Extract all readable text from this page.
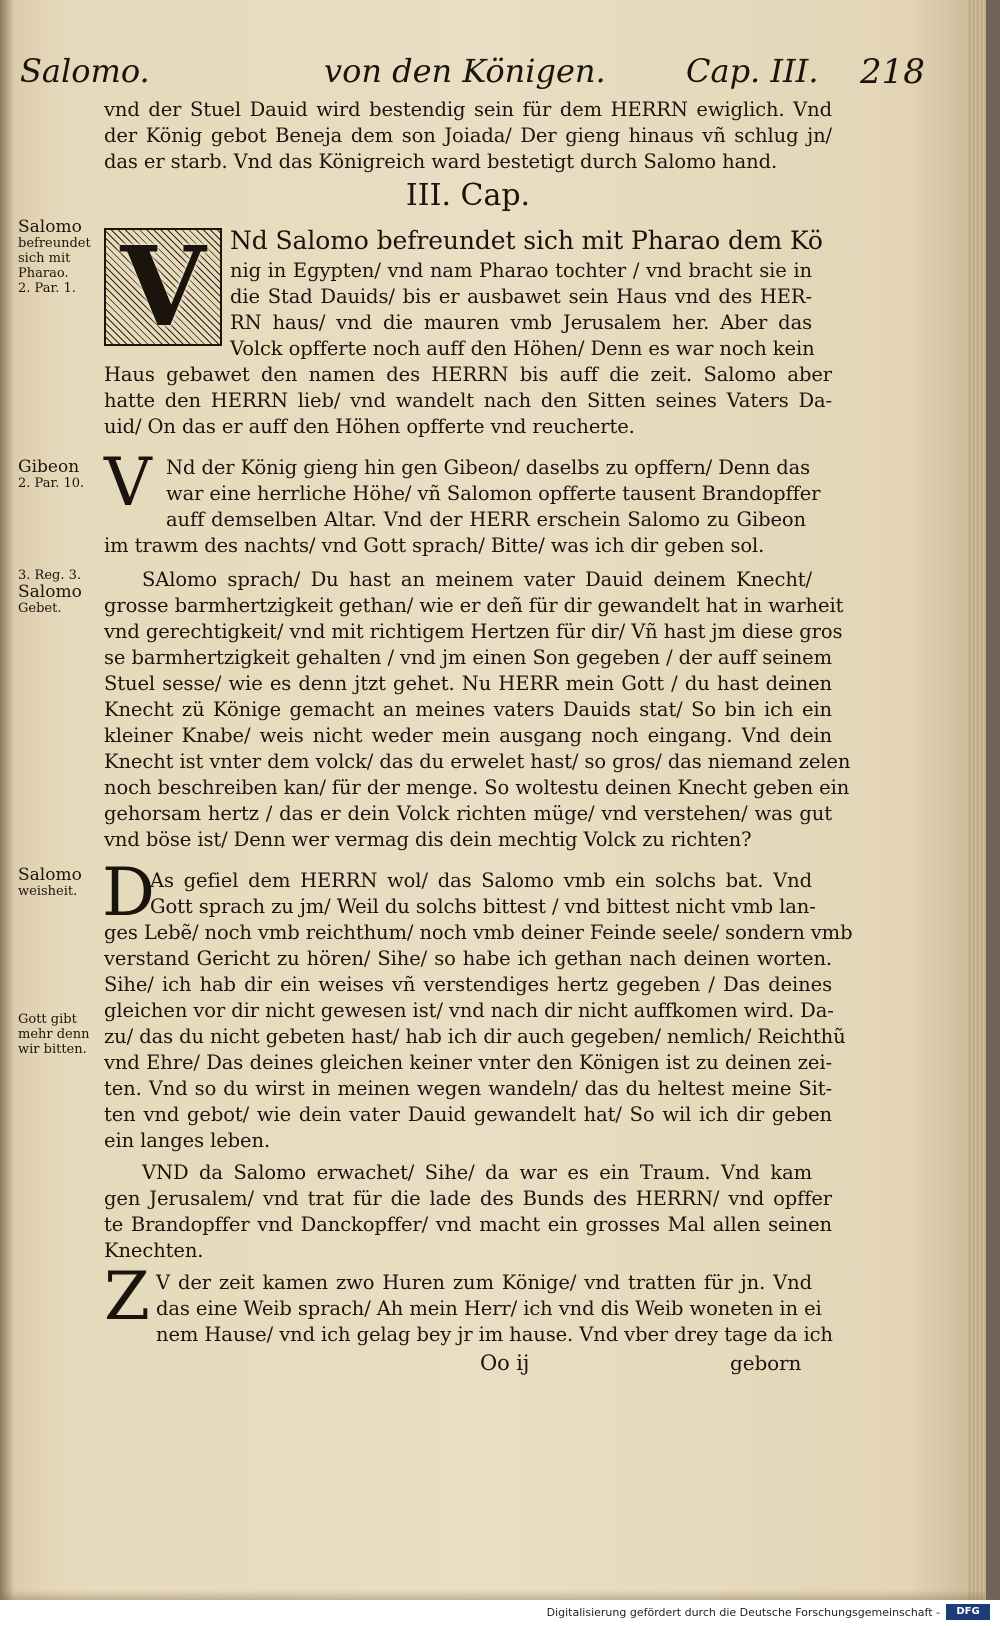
Salomo.	von den Königen.	Cap. III. 218
vnd der Stuel Dauid wird bestendig sein für dem HERRN ewiglich. Vnd
der König gebot Beneja dem son Joiada/ Der gieng hinaus vñ schlug jn/
das er starb. Vnd das Königreich ward bestetigt durch Salomo hand.
III. Cap.
V Nd Salomo befreundet sich mit Pharao dem Kö
nig in Egypten/ vnd nam Pharao tochter / vnd bracht sie in
die Stad Dauids/ bis er ausbawet sein Haus vnd des HER-
RN haus/ vnd die mauren vmb Jerusalem her. Aber das
Volck opfferte noch auff den Höhen/ Denn es war noch kein
Haus gebawet den namen des HERRN bis auff die zeit. Salomo aber
hatte den HERRN lieb/ vnd wandelt nach den Sitten seines Vaters Da-
uid/ On das er auff den Höhen opfferte vnd reucherte.
V Nd der König gieng hin gen Gibeon/ daselbs zu opffern/ Denn das
war eine herrliche Höhe/ vñ Salomon opfferte tausent Brandopffer
auff demselben Altar. Vnd der HERR erschein Salomo zu Gibeon
im trawm des nachts/ vnd Gott sprach/ Bitte/ was ich dir geben sol.
SAlomo sprach/ Du hast an meinem vater Dauid deinem Knecht/
grosse barmhertzigkeit gethan/ wie er deñ für dir gewandelt hat in warheit
vnd gerechtigkeit/ vnd mit richtigem Hertzen für dir/ Vñ hast jm diese gros
se barmhertzigkeit gehalten / vnd jm einen Son gegeben / der auff seinem
Stuel sesse/ wie es denn jtzt gehet. Nu HERR mein Gott / du hast deinen
Knecht zü Könige gemacht an meines vaters Dauids stat/ So bin ich ein
kleiner Knabe/ weis nicht weder mein ausgang noch eingang. Vnd dein
Knecht ist vnter dem volck/ das du erwelet hast/ so gros/ das niemand zelen
noch beschreiben kan/ für der menge. So woltestu deinen Knecht geben ein
gehorsam hertz / das er dein Volck richten müge/ vnd verstehen/ was gut
vnd böse ist/ Denn wer vermag dis dein mechtig Volck zu richten?
D
As gefiel dem HERRN wol/ das Salomo vmb ein solchs bat. Vnd
Gott sprach zu jm/ Weil du solchs bittest / vnd bittest nicht vmb lan-
ges Lebẽ/ noch vmb reichthum/ noch vmb deiner Feinde seele/ sondern vmb
verstand Gericht zu hören/ Sihe/ so habe ich gethan nach deinen worten.
Sihe/ ich hab dir ein weises vñ verstendiges hertz gegeben / Das deines
gleichen vor dir nicht gewesen ist/ vnd nach dir nicht auffkomen wird. Da-
zu/ das du nicht gebeten hast/ hab ich dir auch gegeben/ nemlich/ Reichthũ
vnd Ehre/ Das deines gleichen keiner vnter den Königen ist zu deinen zei-
ten. Vnd so du wirst in meinen wegen wandeln/ das du heltest meine Sit-
ten vnd gebot/ wie dein vater Dauid gewandelt hat/ So wil ich dir geben
ein langes leben.
VND da Salomo erwachet/ Sihe/ da war es ein Traum. Vnd kam
gen Jerusalem/ vnd trat für die lade des Bunds des HERRN/ vnd opffer
te Brandopffer vnd Danckopffer/ vnd macht ein grosses Mal allen seinen
Knechten.
Z V der zeit kamen zwo Huren zum Könige/ vnd tratten für jn. Vnd
das eine Weib sprach/ Ah mein Herr/ ich vnd dis Weib woneten in ei
nem Hause/ vnd ich gelag bey jr im hause. Vnd vber drey tage da ich
Oo ij	geborn
Salomo
befreundet
sich mit
Pharao.
2. Par. 1.
Gibeon
2. Par. 10.
3. Reg. 3.
Salomo
Gebet.
Salomo
weisheit.
Gott gibt
mehr denn
wir bitten.
Digitalisierung gefördert durch die Deutsche Forschungsgemeinschaft -	DFG
